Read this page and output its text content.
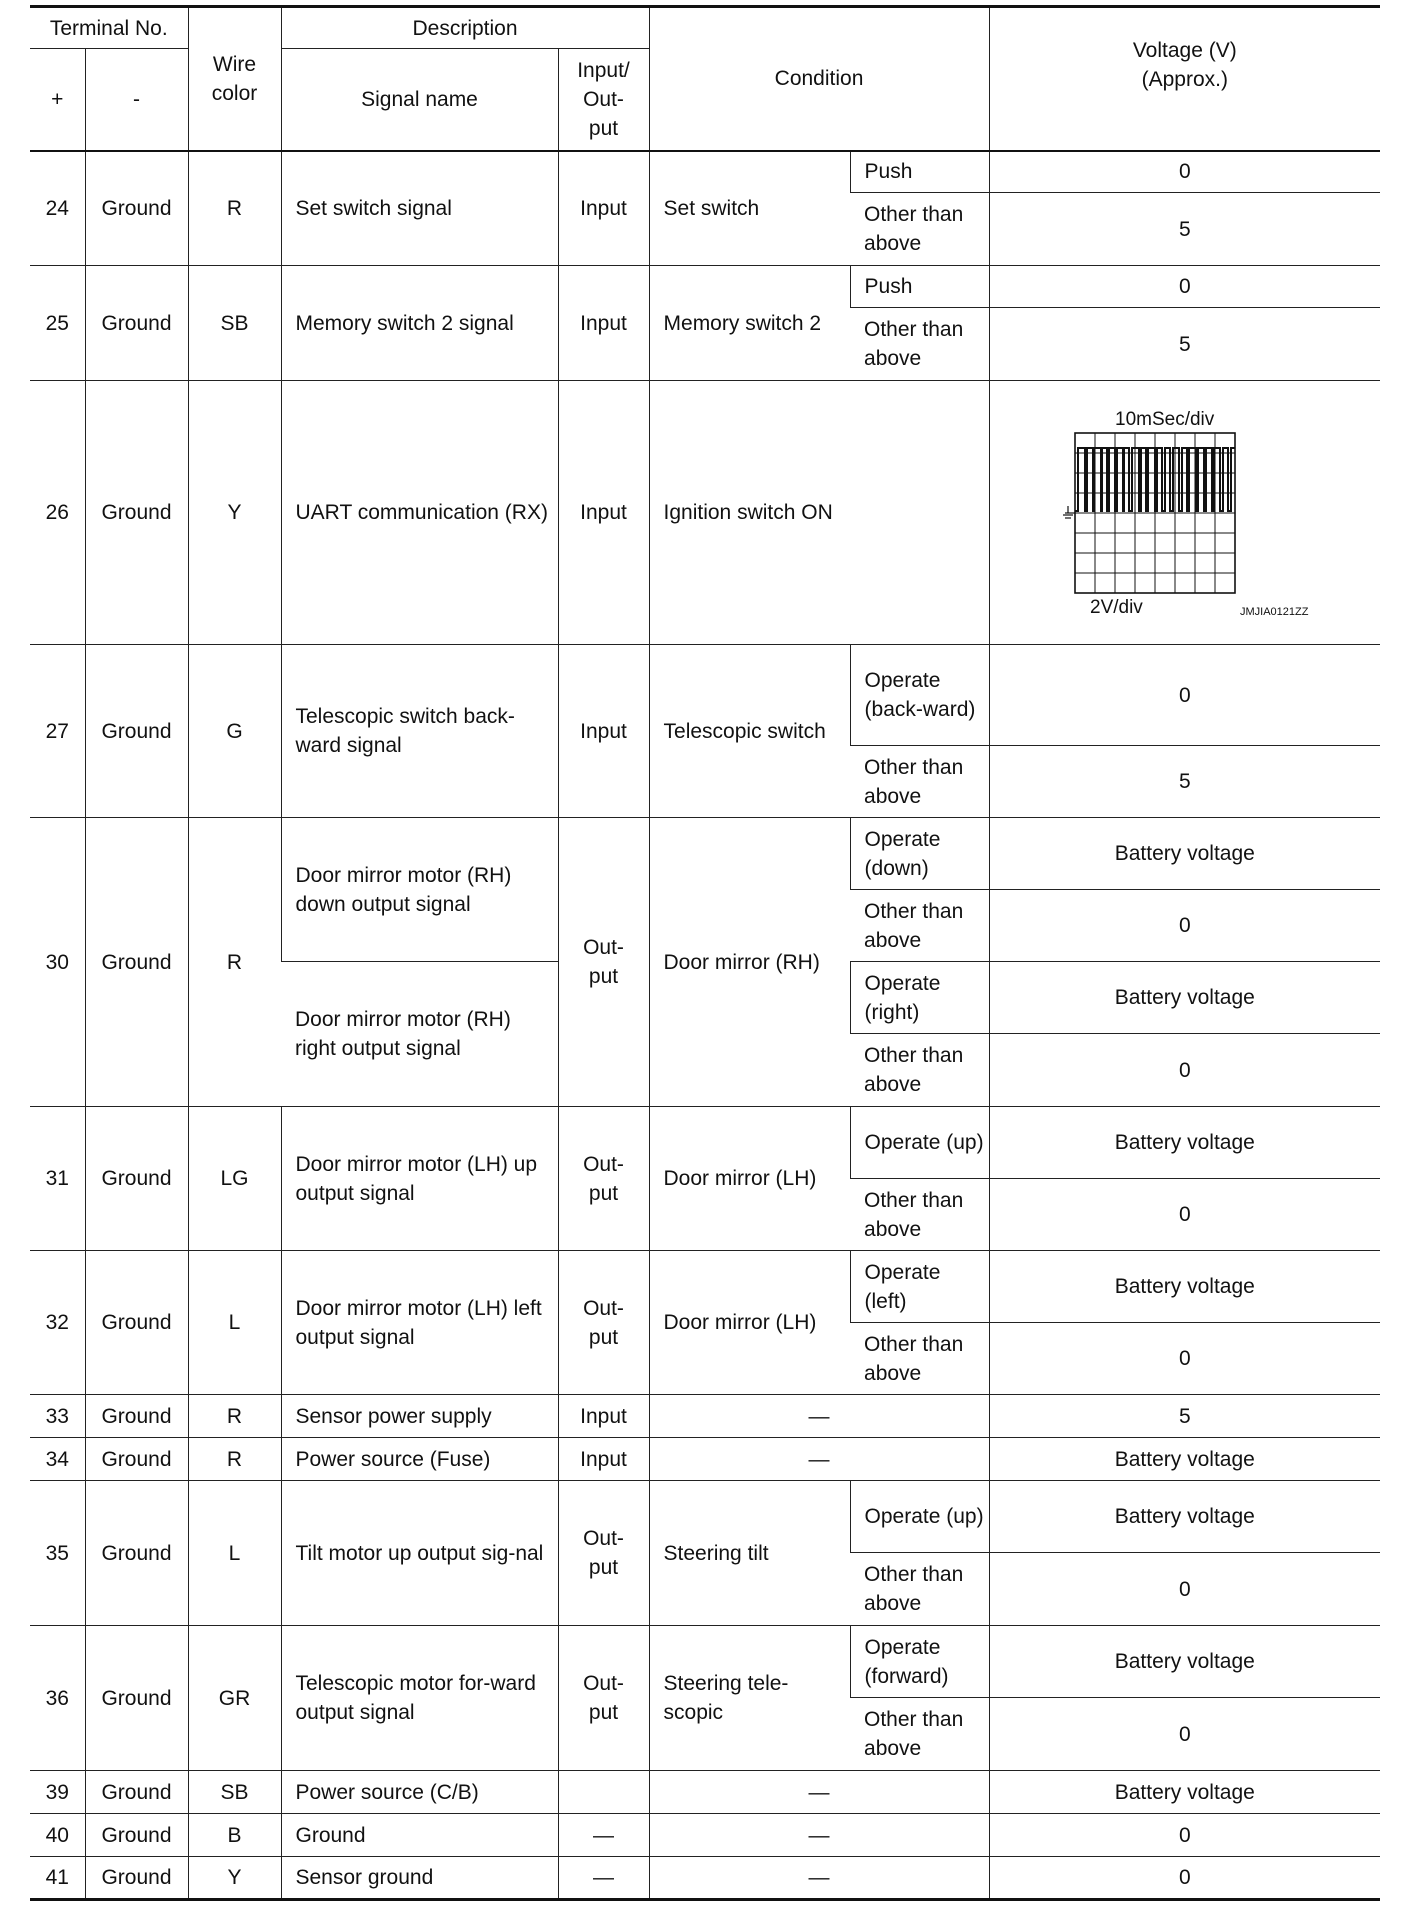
Terminal No.		Wire color	Description		Condition		Voltage (V) (Approx.)
+	-		Signal name	Input/ Out- put			
24	Ground	R	Set switch signal	Input	Set switch	Push	0
						Other than above	5
25	Ground	SB	Memory switch 2 signal	Input	Memory switch 2	Push	0
						Other than above	5
26	Ground	Y	UART communication (RX)	Input	Ignition switch ON		10mSec/div
2V/div JMJIA0121ZZ

27	Ground	G	Telescopic switch back-ward signal	Input	Telescopic switch	Operate (back-ward)	0
						Other than above	5
30	Ground	R	Door mirror motor (RH) down output signal	Out-put	Door mirror (RH)	Operate (down)	Battery voltage
						Other than above	0
			Door mirror motor (RH) right output signal			Operate (right)	Battery voltage
						Other than above	0
31	Ground	LG	Door mirror motor (LH) up output signal	Out-put	Door mirror (LH)	Operate (up)	Battery voltage
						Other than above	0
32	Ground	L	Door mirror motor (LH) left output signal	Out-put	Door mirror (LH)	Operate (left)	Battery voltage
						Other than above	0
33	Ground	R	Sensor power supply	Input	—		5
34	Ground	R	Power source (Fuse)	Input	—		Battery voltage
35	Ground	L	Tilt motor up output sig-nal	Out-put	Steering tilt	Operate (up)	Battery voltage
						Other than above	0
36	Ground	GR	Telescopic motor for-ward output signal	Out-put	Steering tele-scopic	Operate (forward)	Battery voltage
						Other than above	0
39	Ground	SB	Power source (C/B)		—		Battery voltage
40	Ground	B	Ground	—	—		0
41	Ground	Y	Sensor ground	—	—		0
